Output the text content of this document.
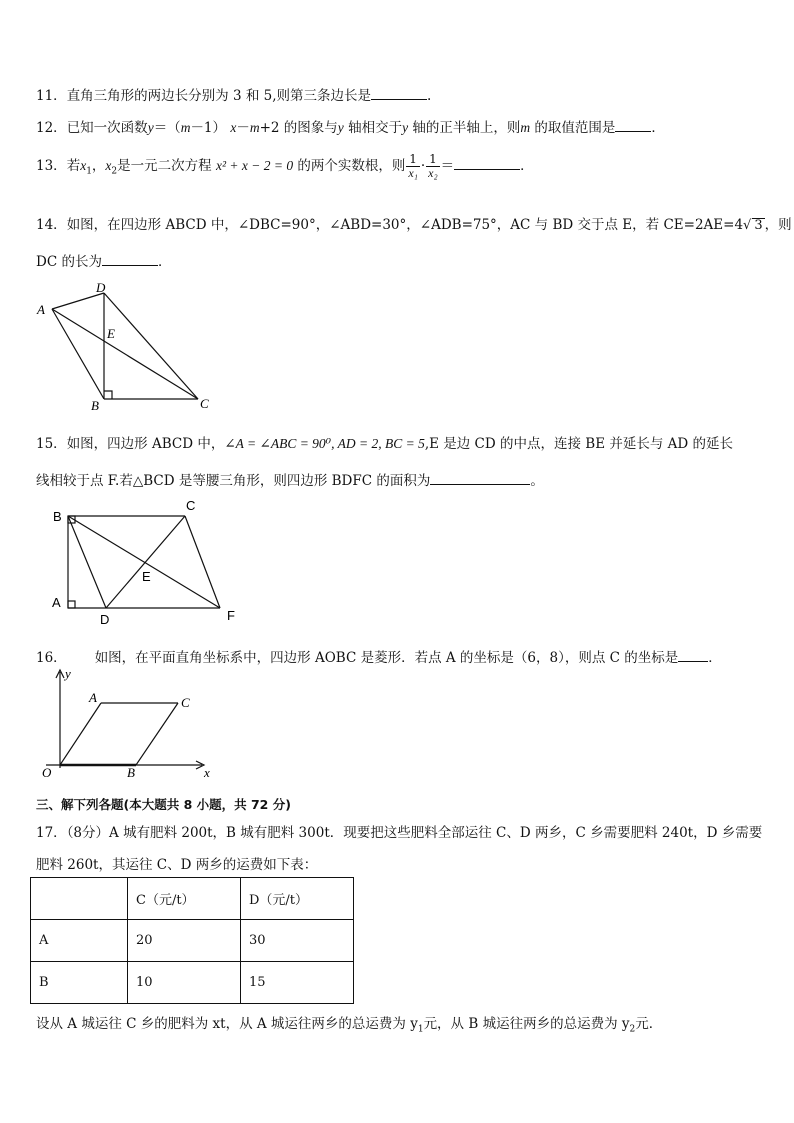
11．直角三角形的两边长分别为 3 和 5,则第三条边长是	.
12．已知一次函数y＝（m－1） x－m+2 的图象与y 轴相交于y 轴的正半轴上，则m 的取值范围是	．
13．若$x_1$，$x_2$是一元二次方程 x² + x − 2 = 0 的两个实数根，则 $\frac{1}{\text{x₁}} \cdot \frac{1}{\text{x₂}}$ ＝	．
14．如图，在四边形 ABCD 中，∠DBC=90°，∠ABD=30°，∠ADB=75°，AC 与 BD 交于点 E，若 CE=2AE=4√ 3 ，则
DC 的长为	．
A
D
E
B	C
15．如图，四边形 ABCD 中，∠A = ∠ABC = 90⁰, AD = 2, BC = 5,E 是边 CD 的中点，连接 BE 并延长与 AD 的延长
线相较于点 F.若△BCD 是等腰三角形，则四边形 BDFC 的面积为	。
B
C
E
A
D	F
16． 如图，在平面直角坐标系中，四边形 AOBC 是菱形．若点 A 的坐标是（6，8），则点 C 的坐标是 ．
y
x
O
A	C
B
三、解下列各题(本大题共 8 小题，共 72 分)
17．（8分）A 城有肥料 200t，B 城有肥料 300t．现要把这些肥料全部运往 C、D 两乡，C 乡需要肥料 240t，D 乡需要
肥料 260t，其运往 C、D 两乡的运费如下表：
	C（元/t）	D（元/t）
A	20	30
B	10	15
设从 A 城运往 C 乡的肥料为 xt，从 A 城运往两乡的总运费为 $y_1$元，从 B 城运往两乡的总运费为 $y_2$元．
